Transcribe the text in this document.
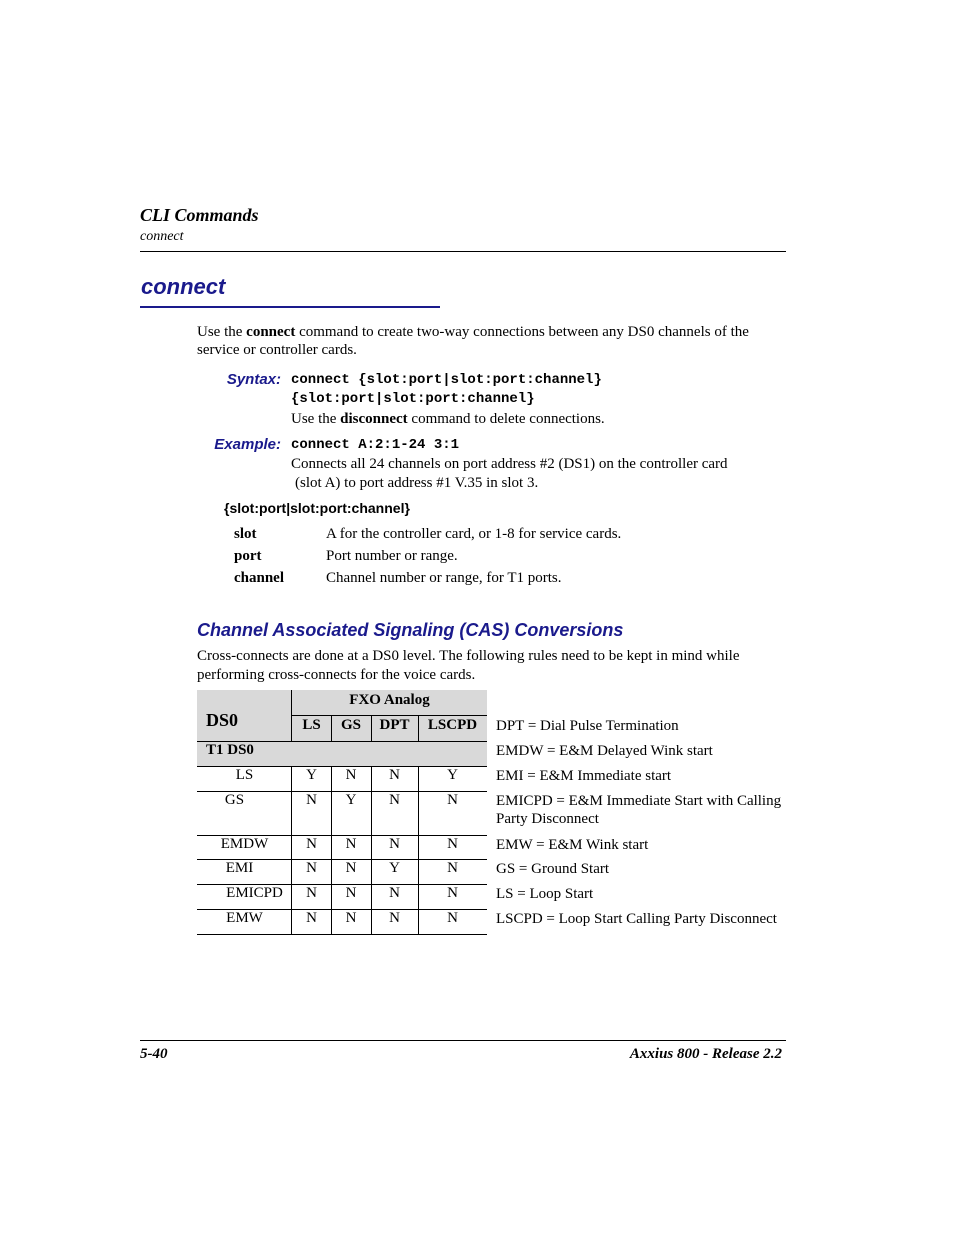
CLI Commands
connect
connect
Use the connect command to create two-way connections between any DS0 channels of the
service or controller cards.
Syntax: connect {slot:port|slot:port:channel}
{slot:port|slot:port:channel}
Use the disconnect command to delete connections.
Example: connect A:2:1-24 3:1
Connects all 24 channels on port address #2 (DS1) on the controller card
(slot A) to port address #1 V.35 in slot 3.
{slot:port|slot:port:channel}
slot	A for the controller card, or 1-8 for service cards.
port	Port number or range.
channel	Channel number or range, for T1 ports.
Channel Associated Signaling (CAS) Conversions
Cross-connects are done at a DS0 level. The following rules need to be kept in mind while
performing cross-connects for the voice cards.
DS0
FXO Analog
LS	GS	DPT	LSCPD
T1 DS0
LS	Y	N	N	Y
GS	N	Y	N	N
EMDW	N	N	N	N
EMI	N	N	Y	N
EMICPD	N	N	N	N
EMW	N	N	N	N
DPT = Dial Pulse Termination
EMDW = E&M Delayed Wink start
EMI = E&M Immediate start
EMICPD = E&M Immediate Start with Calling Party Disconnect
EMW = E&M Wink start
GS = Ground Start
LS = Loop Start
LSCPD = Loop Start Calling Party Disconnect
5-40	Axxius 800 - Release 2.2
